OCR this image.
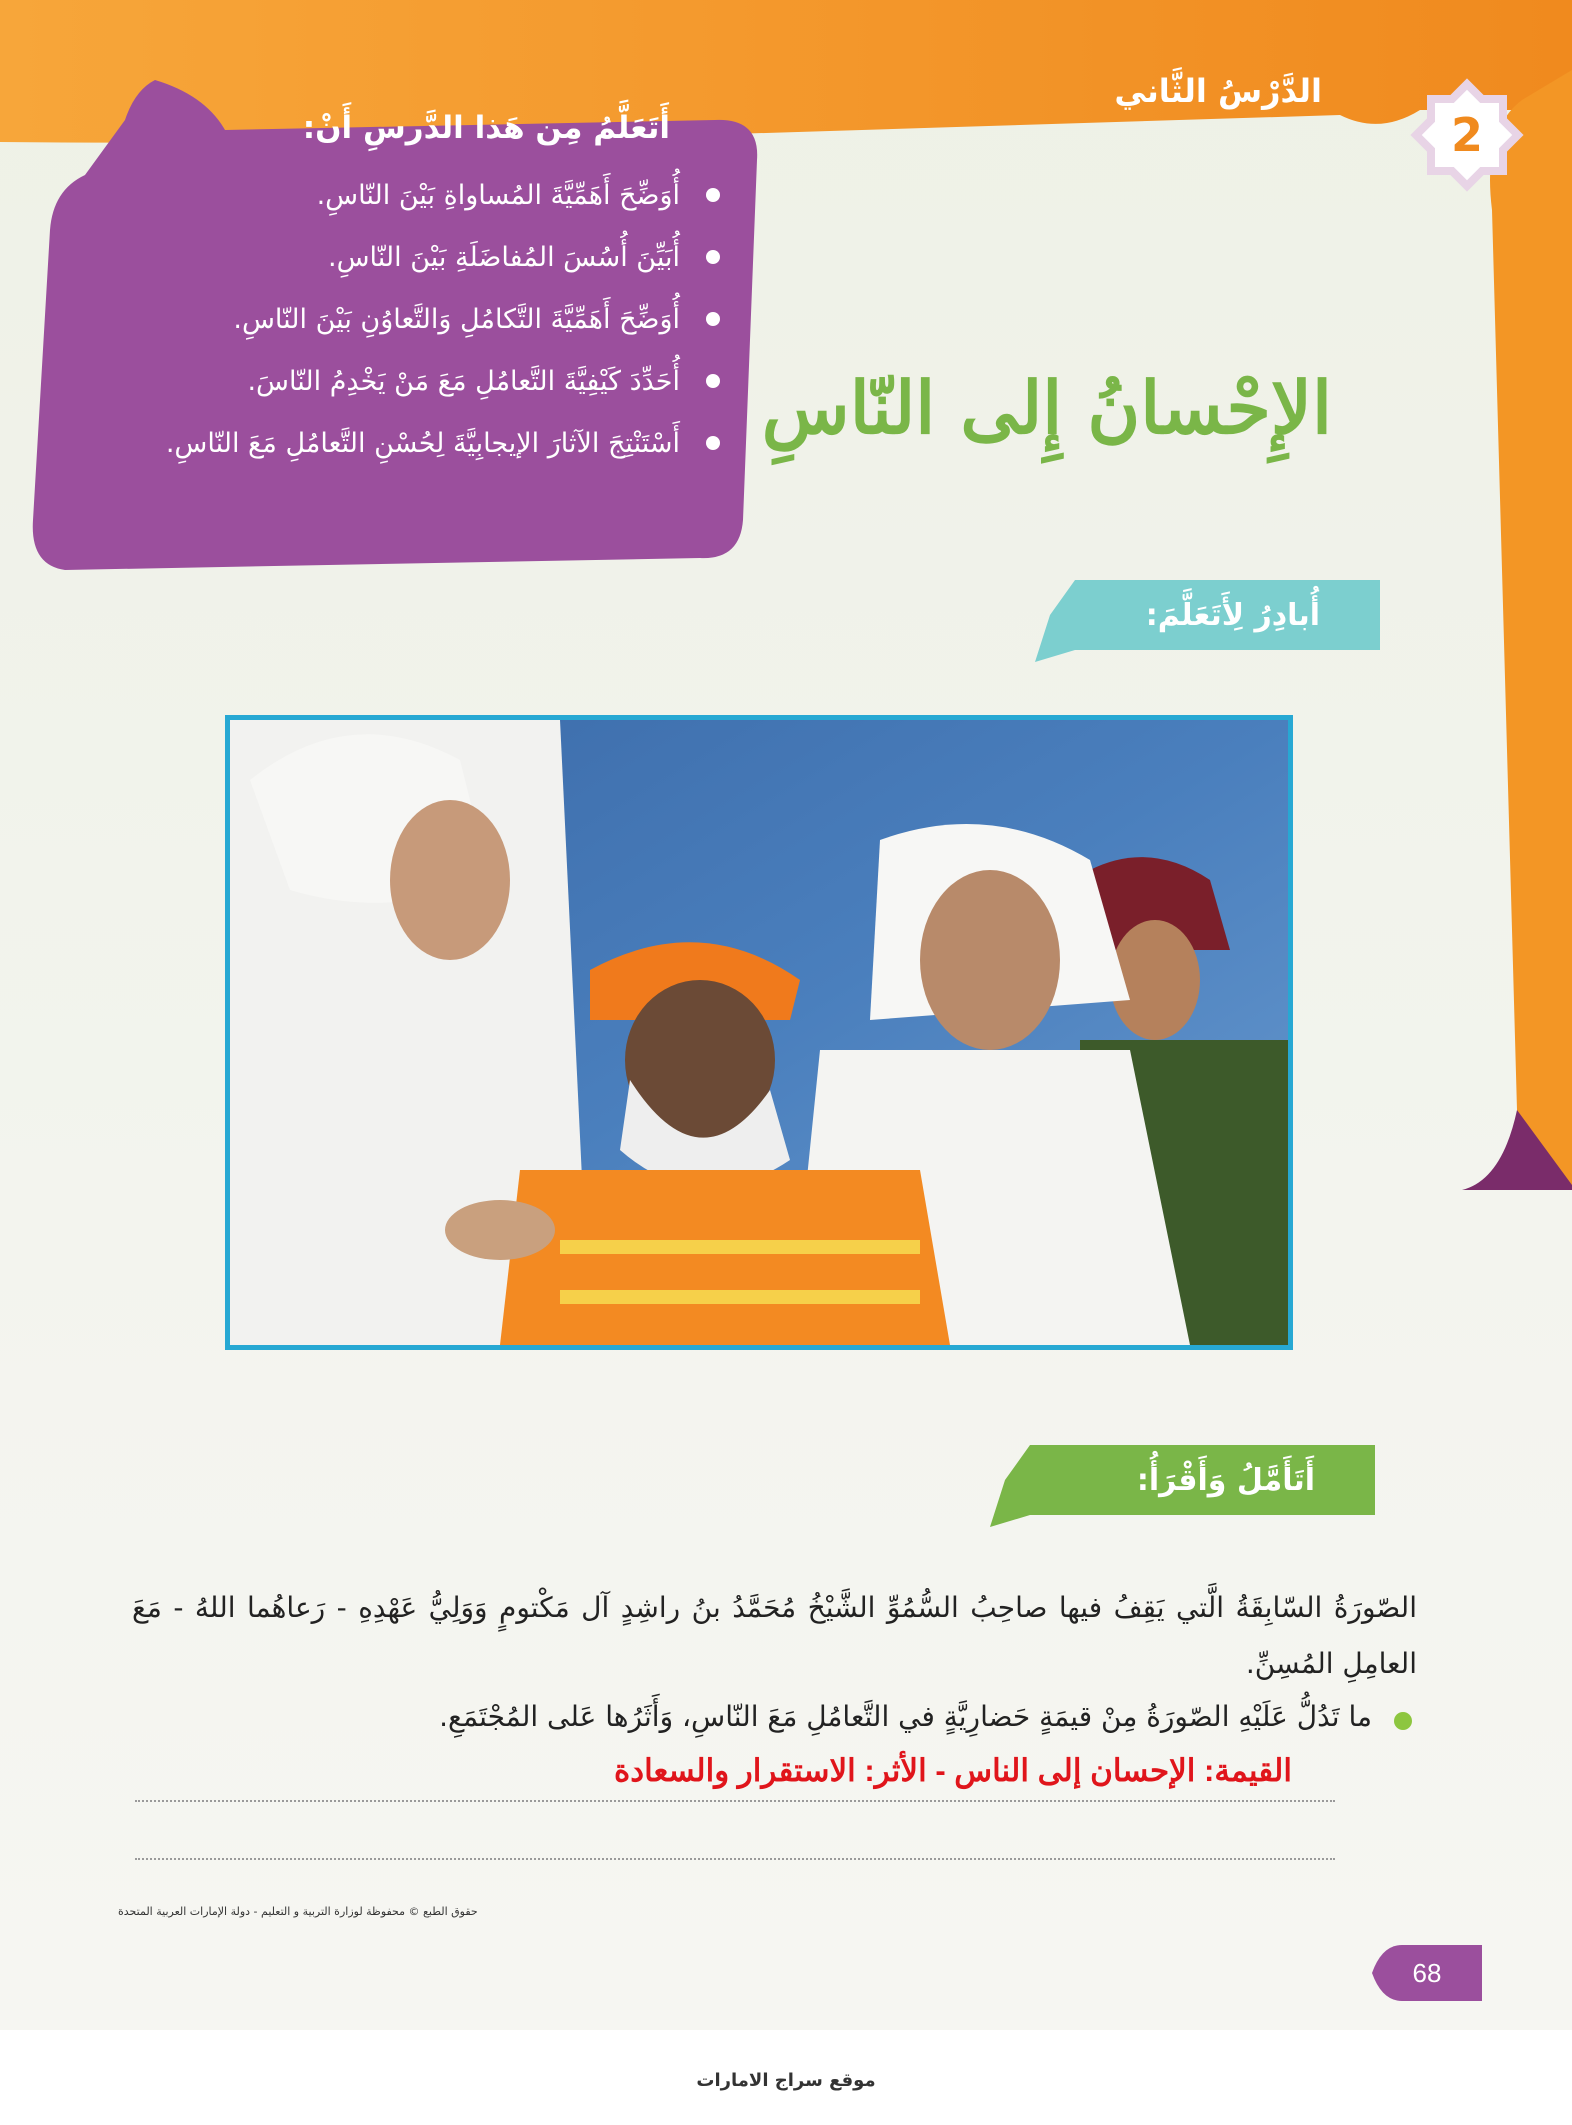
الدَّرْسُ الثَّاني
2
أَتَعَلَّمُ مِن هَذا الدَّرسِ أَنْ:
أُوَضِّحَ أَهَمِّيَّةَ المُساواةِ بَيْنَ النّاسِ.
أُبَيِّنَ أُسُسَ المُفاضَلَةِ بَيْنَ النّاسِ.
أُوَضِّحَ أَهَمِّيَّةَ التَّكامُلِ وَالتَّعاوُنِ بَيْنَ النّاسِ.
أُحَدِّدَ كَيْفِيَّةَ التَّعامُلِ مَعَ مَنْ يَخْدِمُ النّاسَ.
أَسْتَنْتِجَ الآثارَ الإيجابِيَّةَ لِحُسْنِ التَّعامُلِ مَعَ النّاسِ.	الإِحْسانُ إِلى النّاسِ
أُبادِرُ لِأَتَعَلَّمَ:
أَتَأَمَّلُ وَأَقْرَأُ:
الصّورَةُ السّابِقَةُ الَّتي يَقِفُ فيها صاحِبُ السُّمُوِّ الشَّيْخُ مُحَمَّدُ بنُ راشِدٍ آل مَكْتومٍ وَوَلِيُّ عَهْدِهِ - رَعاهُما اللهُ - مَعَ العامِلِ المُسِنِّ.
ما تَدُلُّ عَلَيْهِ الصّورَةُ مِنْ قيمَةٍ حَضارِيَّةٍ في التَّعامُلِ مَعَ النّاسِ، وَأَثَرُها عَلى المُجْتَمَعِ.
القيمة: الإحسان إلى الناس - الأثر: الاستقرار والسعادة
حقوق الطبع © محفوظة لوزارة التربية و التعليم - دولة الإمارات العربية المتحدة
68
موقع سراج الامارات
